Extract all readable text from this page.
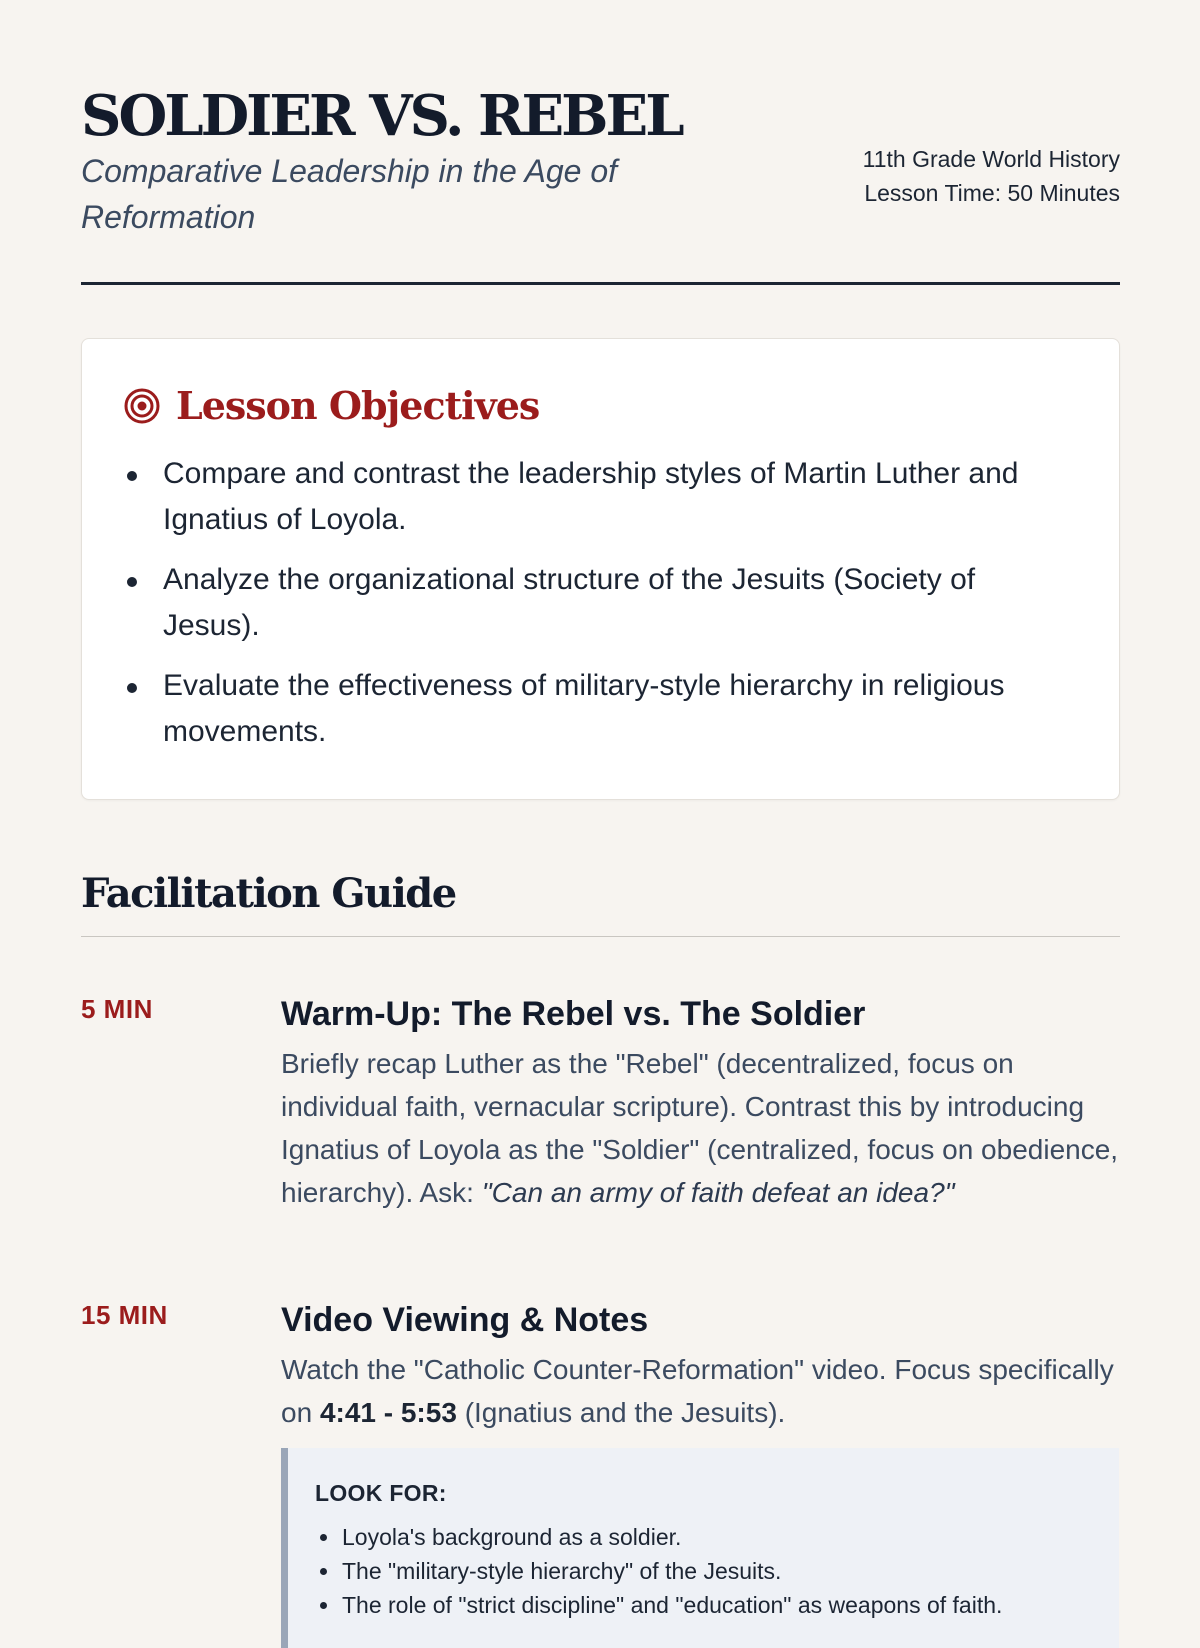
SOLDIER VS. REBEL

Comparative Leadership in the Age of Reformation

11th Grade World History
Lesson Time: 50 Minutes
Lesson Objectives
Compare and contrast the leadership styles of Martin Luther and Ignatius of Loyola.
Analyze the organizational structure of the Jesuits (Society of Jesus).
Evaluate the effectiveness of military-style hierarchy in religious movements.
Facilitation Guide
5 MIN	Warm-Up: The Rebel vs. The Soldier

Briefly recap Luther as the "Rebel" (decentralized, focus on individual faith, vernacular scripture). Contrast this by introducing Ignatius of Loyola as the "Soldier" (centralized, focus on obedience, hierarchy). Ask: "Can an army of faith defeat an idea?"

15 MIN	Video Viewing & Notes

Watch the "Catholic Counter-Reformation" video. Focus specifically on 4:41 - 5:53 (Ignatius and the Jesuits).

LOOK FOR:

Loyola's background as a soldier.
The "military-style hierarchy" of the Jesuits.
The role of "strict discipline" and "education" as weapons of faith.
